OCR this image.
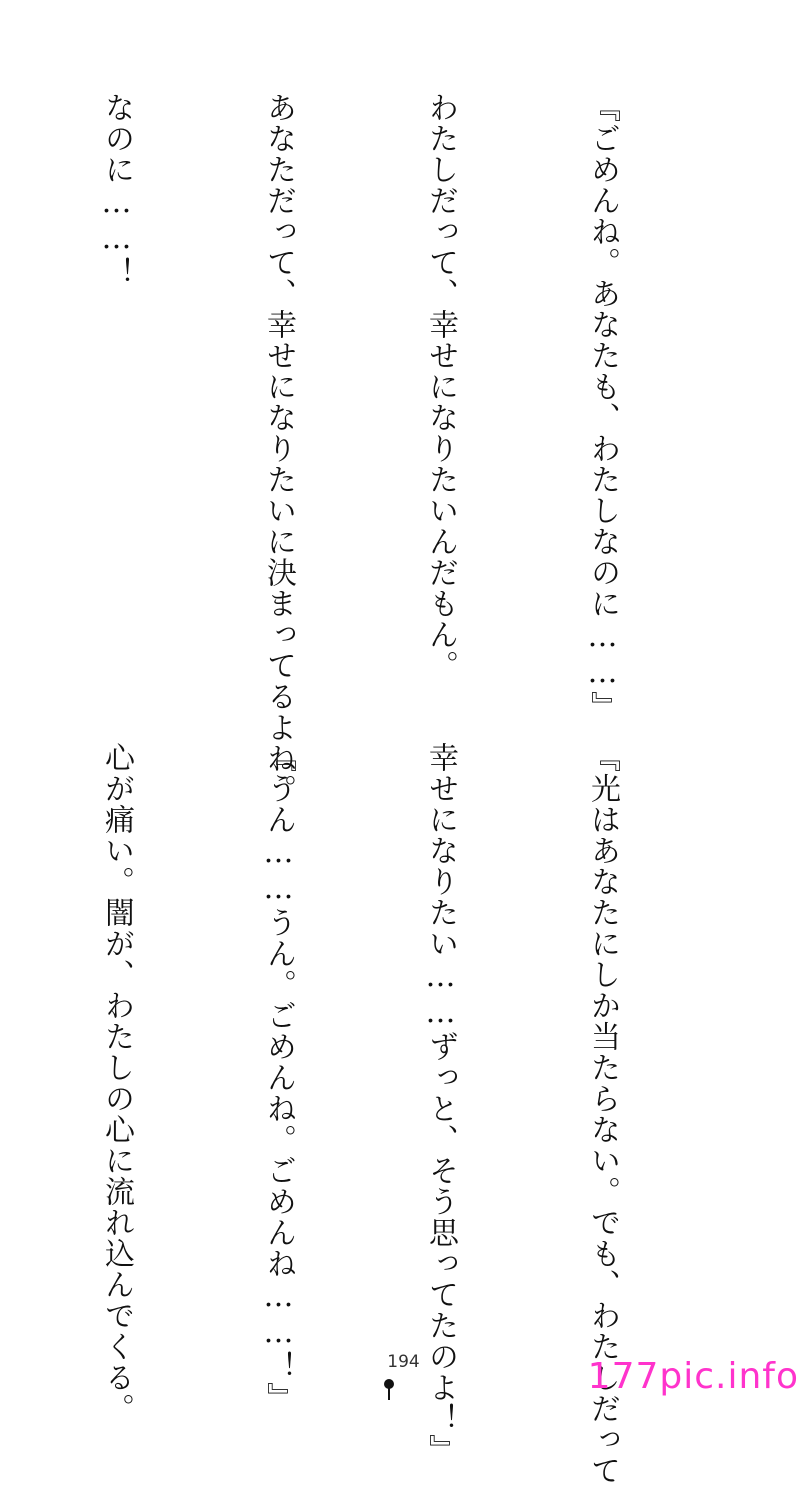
『ごめんね。あなたも、わたしなのに……』

わたしだって、幸せになりたいんだもん。

あなただって、幸せになりたいに決まってるよね。

なのに……！

『光はあなたにしか当たらない。でも、わたしだって

幸せになりたい……ずっと、そう思ってたのよ！』

『うん……うん。ごめんね。ごめんね……！』

心が痛い。闇が、わたしの心に流れ込んでくる。

	194	177pic.info
